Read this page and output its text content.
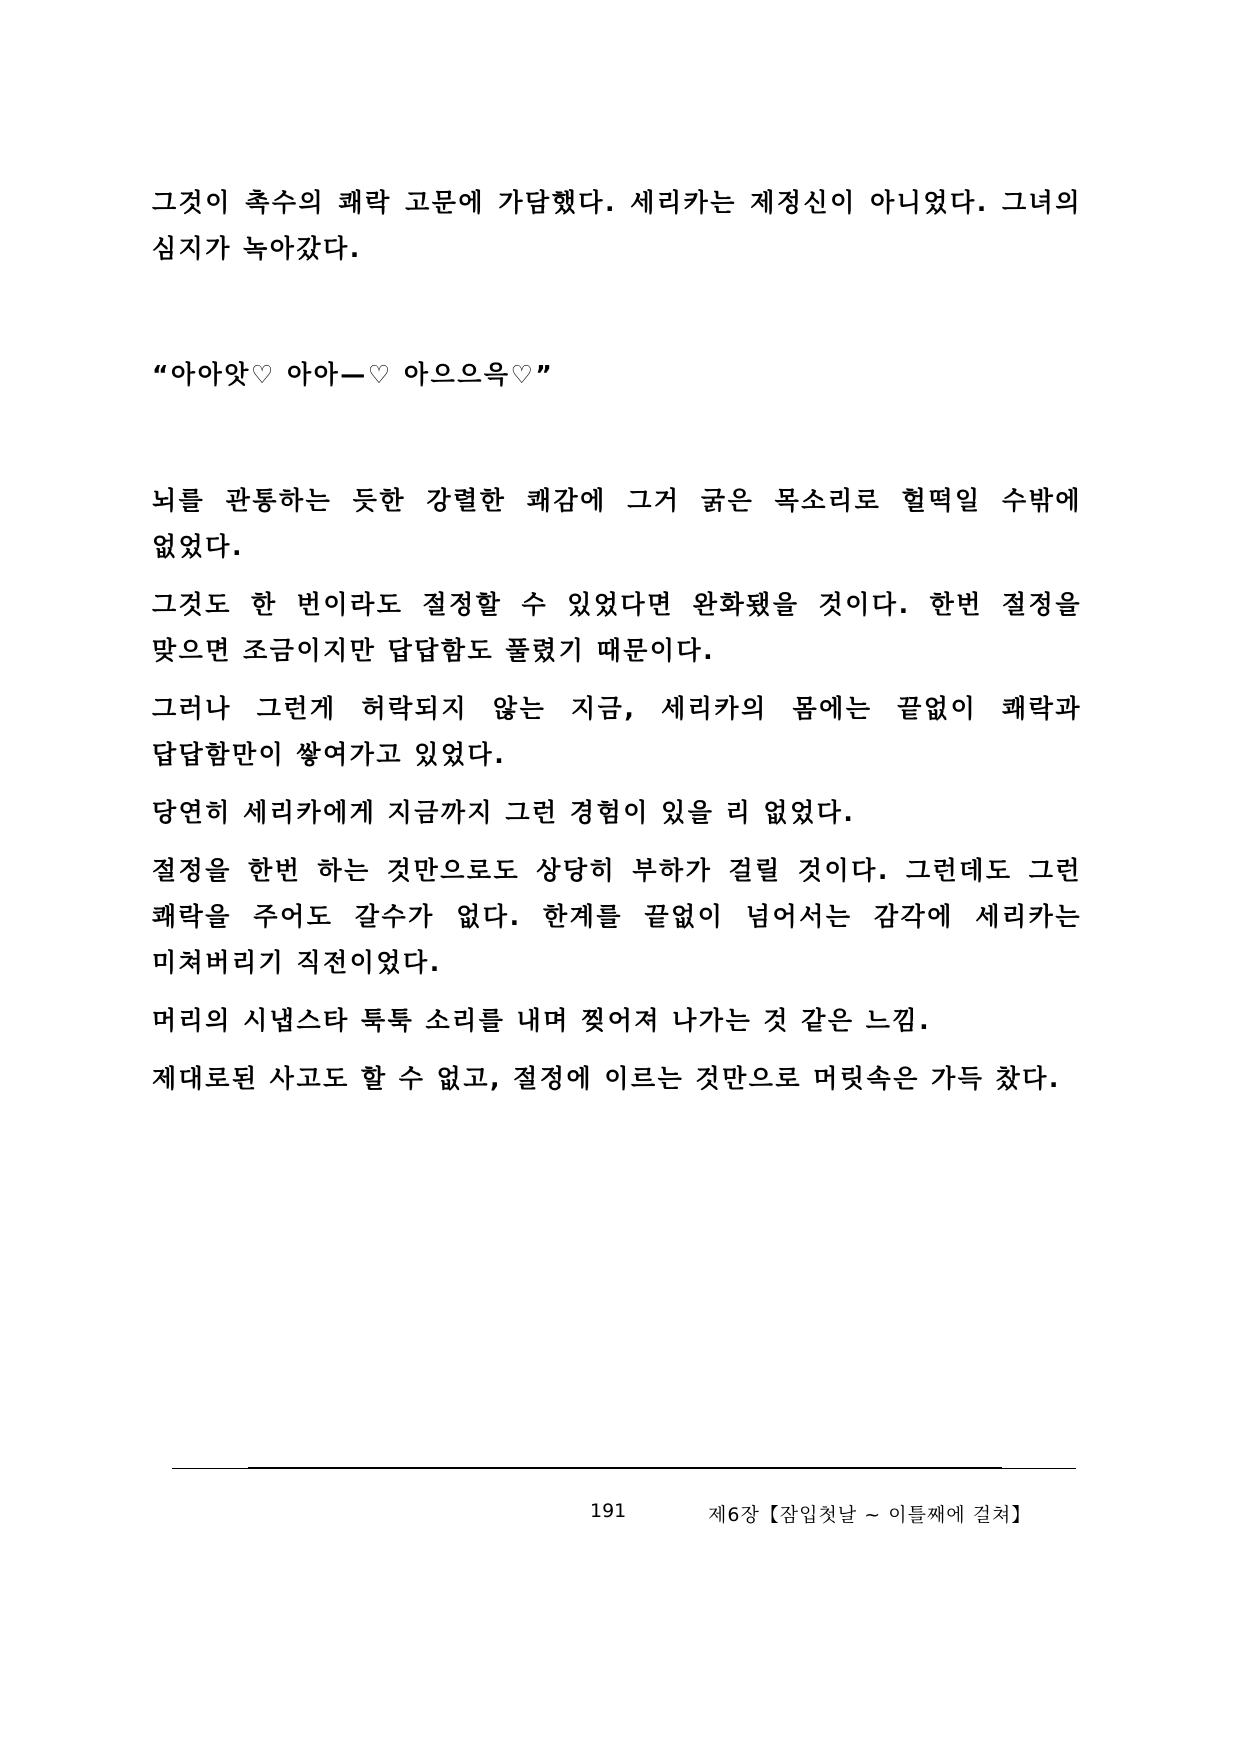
그것이 촉수의 쾌락 고문에 가담했다. 세리카는 제정신이 아니었다. 그녀의 심지가 녹아갔다.

“아아앗♡ 아아—♡ 아으으윽♡”

뇌를 관통하는 듯한 강렬한 쾌감에 그거 굵은 목소리로 헐떡일 수밖에 없었다.

그것도 한 번이라도 절정할 수 있었다면 완화됐을 것이다. 한번 절정을 맞으면 조금이지만 답답함도 풀렸기 때문이다.

그러나 그런게 허락되지 않는 지금, 세리카의 몸에는 끝없이 쾌락과 답답함만이 쌓여가고 있었다.

당연히 세리카에게 지금까지 그런 경험이 있을 리 없었다.

절정을 한번 하는 것만으로도 상당히 부하가 걸릴 것이다. 그런데도 그런 쾌락을 주어도 갈수가 없다. 한계를 끝없이 넘어서는 감각에 세리카는 미쳐버리기 직전이었다.

머리의 시냅스타 툭툭 소리를 내며 찢어져 나가는 것 같은 느낌.

제대로된 사고도 할 수 없고, 절정에 이르는 것만으로 머릿속은 가득 찼다.

191	제6장【잠입첫날 ~ 이틀째에 걸쳐】
